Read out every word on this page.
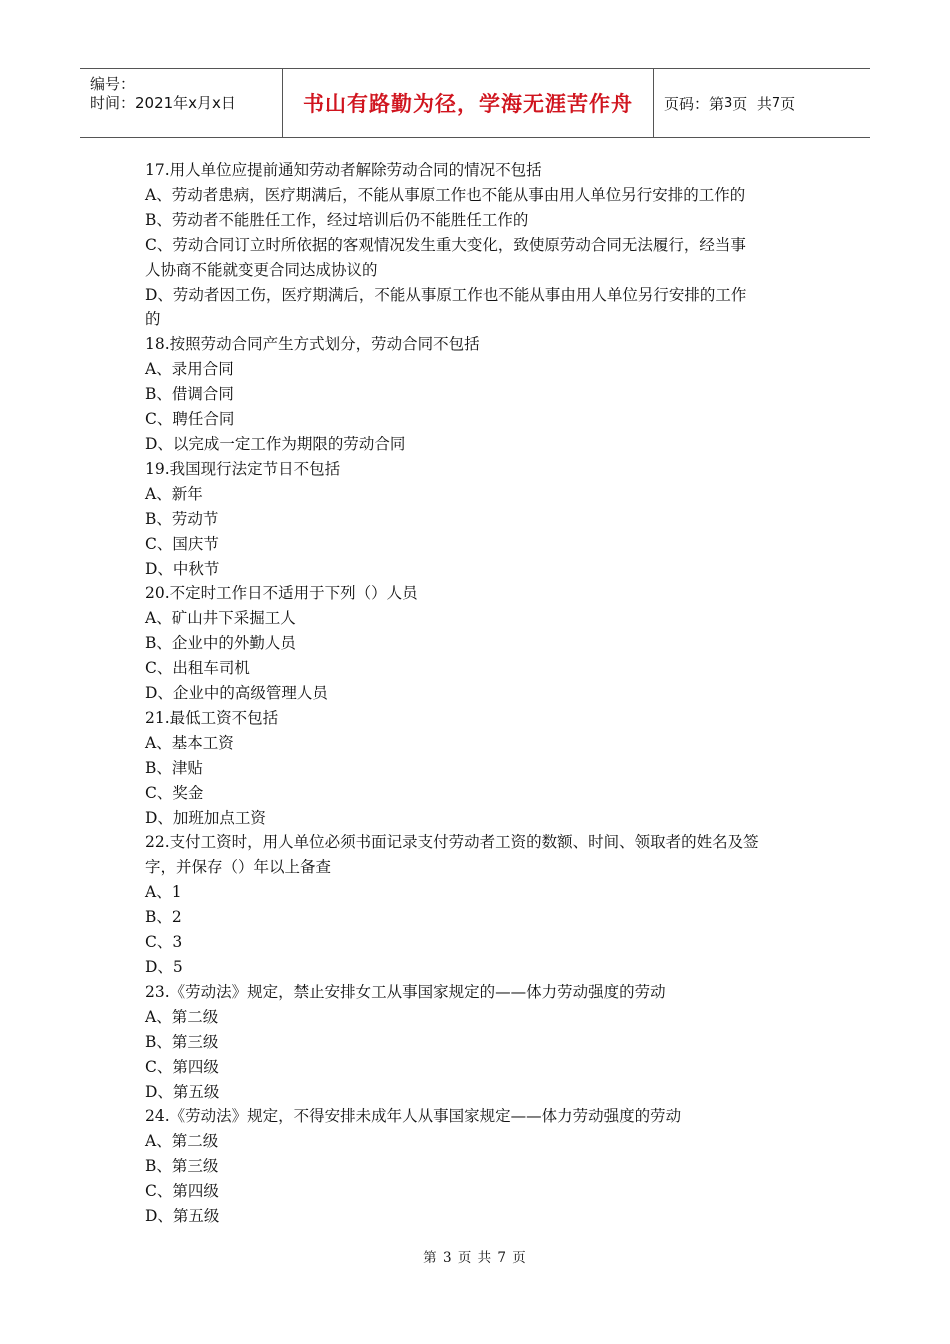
编号：
时间：2021年x月x日	书山有路勤为径，学海无涯苦作舟	页码：第 3 页  共 7 页

17.用人单位应提前通知劳动者解除劳动合同的情况不包括

A、劳动者患病，医疗期满后，不能从事原工作也不能从事由用人单位另行安排的工作的

B、劳动者不能胜任工作，经过培训后仍不能胜任工作的

C、劳动合同订立时所依据的客观情况发生重大变化，致使原劳动合同无法履行，经当事

人协商不能就变更合同达成协议的

D、劳动者因工伤，医疗期满后，不能从事原工作也不能从事由用人单位另行安排的工作

的

18.按照劳动合同产生方式划分，劳动合同不包括

A、录用合同

B、借调合同

C、聘任合同

D、以完成一定工作为期限的劳动合同

19.我国现行法定节日不包括

A、新年

B、劳动节

C、国庆节

D、中秋节

20.不定时工作日不适用于下列（）人员

A、矿山井下采掘工人

B、企业中的外勤人员

C、出租车司机

D、企业中的高级管理人员

21.最低工资不包括

A、基本工资

B、津贴

C、奖金

D、加班加点工资

22.支付工资时，用人单位必须书面记录支付劳动者工资的数额、时间、领取者的姓名及签

字，并保存（）年以上备查

A、1

B、2

C、3

D、5

23.《劳动法》规定，禁止安排女工从事国家规定的——体力劳动强度的劳动

A、第二级

B、第三级

C、第四级

D、第五级

24.《劳动法》规定，不得安排未成年人从事国家规定——体力劳动强度的劳动

A、第二级

B、第三级

C、第四级

D、第五级

第 3 页 共 7 页
